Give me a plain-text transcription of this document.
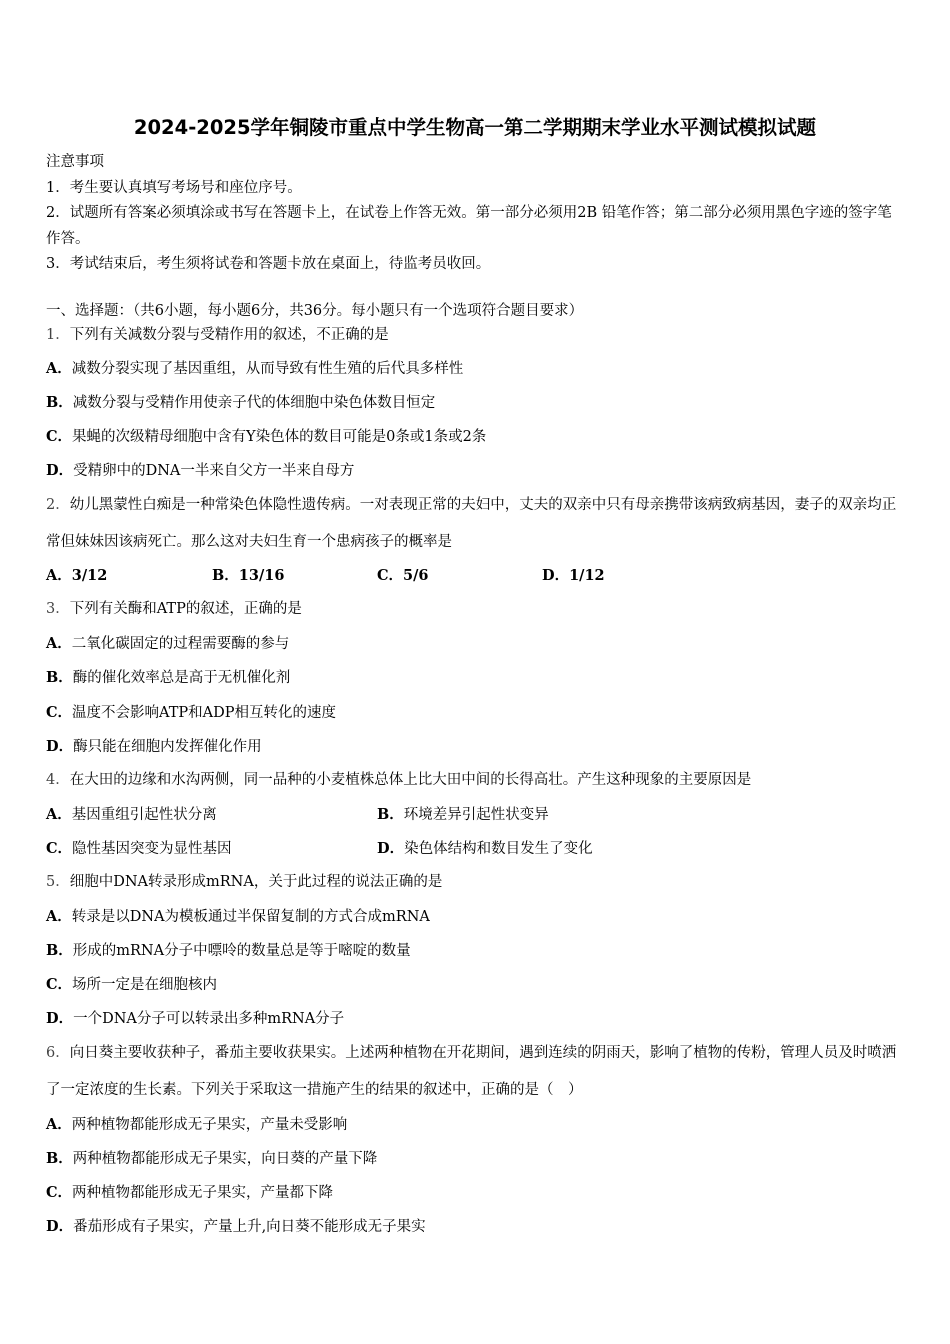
2024-2025学年铜陵市重点中学生物高一第二学期期末学业水平测试模拟试题

注意事项

1．考生要认真填写考场号和座位序号。

2．试题所有答案必须填涂或书写在答题卡上，在试卷上作答无效。第一部分必须用2B 铅笔作答；第二部分必须用黑色字迹的签字笔作答。

3．考试结束后，考生须将试卷和答题卡放在桌面上，待监考员收回。

一、选择题：（共6小题，每小题6分，共36分。每小题只有一个选项符合题目要求）
1．下列有关减数分裂与受精作用的叙述，不正确的是
A．减数分裂实现了基因重组，从而导致有性生殖的后代具多样性
B．减数分裂与受精作用使亲子代的体细胞中染色体数目恒定
C．果蝇的次级精母细胞中含有Y染色体的数目可能是0条或1条或2条
D．受精卵中的DNA一半来自父方一半来自母方
2．幼儿黑蒙性白痴是一种常染色体隐性遗传病。一对表现正常的夫妇中，丈夫的双亲中只有母亲携带该病致病基因，妻子的双亲均正常但妹妹因该病死亡。那么这对夫妇生育一个患病孩子的概率是
A．3/12	B．13/16	C．5/6	D．1/12
3．下列有关酶和ATP的叙述，正确的是
A．二氧化碳固定的过程需要酶的参与
B．酶的催化效率总是高于无机催化剂
C．温度不会影响ATP和ADP相互转化的速度
D．酶只能在细胞内发挥催化作用
4．在大田的边缘和水沟两侧，同一品种的小麦植株总体上比大田中间的长得高壮。产生这种现象的主要原因是
A．基因重组引起性状分离	B．环境差异引起性状变异
C．隐性基因突变为显性基因	D．染色体结构和数目发生了变化
5．细胞中DNA转录形成mRNA，关于此过程的说法正确的是
A．转录是以DNA为模板通过半保留复制的方式合成mRNA
B．形成的mRNA分子中嘌呤的数量总是等于嘧啶的数量
C．场所一定是在细胞核内
D．一个DNA分子可以转录出多种mRNA分子
6．向日葵主要收获种子，番茄主要收获果实。上述两种植物在开花期间，遇到连续的阴雨天，影响了植物的传粉，管理人员及时喷洒了一定浓度的生长素。下列关于采取这一措施产生的结果的叙述中，正确的是（　）
A．两种植物都能形成无子果实，产量未受影响
B．两种植物都能形成无子果实，向日葵的产量下降
C．两种植物都能形成无子果实，产量都下降
D．番茄形成有子果实，产量上升,向日葵不能形成无子果实
